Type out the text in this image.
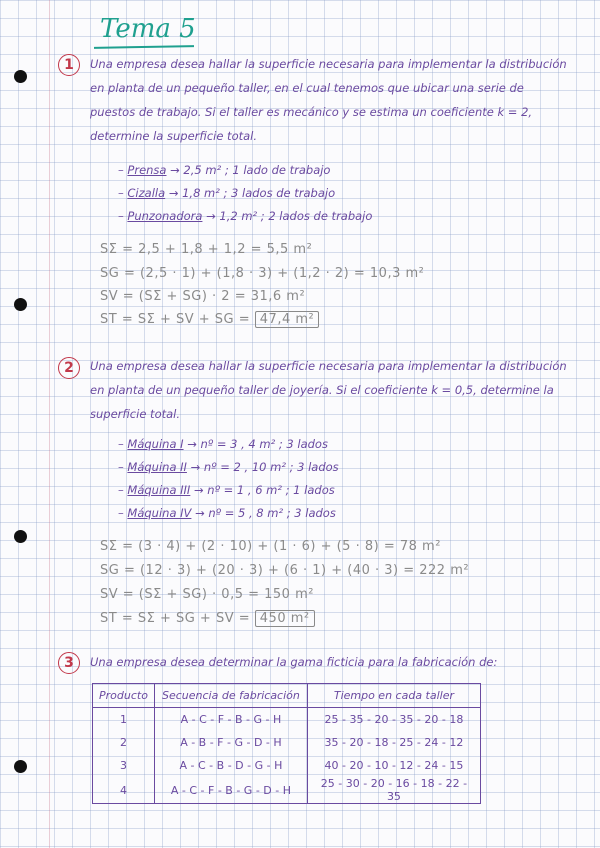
Tema 5
1	Una empresa desea hallar la superficie necesaria para implementar la distribución en planta de un pequeño taller, en el cual tenemos que ubicar una serie de puestos de trabajo. Si el taller es mecánico y se estima un coeficiente k = 2, determine la superficie total.
– Prensa → 2,5 m² ; 1 lado de trabajo
– Cizalla → 1,8 m² ; 3 lados de trabajo
– Punzonadora → 1,2 m² ; 2 lados de trabajo
SΣ = 2,5 + 1,8 + 1,2 = 5,5 m²
SG = (2,5 · 1) + (1,8 · 3) + (1,2 · 2) = 10,3 m²
SV = (SΣ + SG) · 2 = 31,6 m²
ST = SΣ + SV + SG = 47,4 m²
2	Una empresa desea hallar la superficie necesaria para implementar la distribución en planta de un pequeño taller de joyería. Si el coeficiente k = 0,5, determine la superficie total.
– Máquina I → nº = 3 , 4 m² ; 3 lados
– Máquina II → nº = 2 , 10 m² ; 3 lados
– Máquina III → nº = 1 , 6 m² ; 1 lados
– Máquina IV → nº = 5 , 8 m² ; 3 lados
SΣ = (3 · 4) + (2 · 10) + (1 · 6) + (5 · 8) = 78 m²
SG = (12 · 3) + (20 · 3) + (6 · 1) + (40 · 3) = 222 m²
SV = (SΣ + SG) · 0,5 = 150 m²
ST = SΣ + SG + SV = 450 m²
3	Una empresa desea determinar la gama ficticia para la fabricación de:
Producto	Secuencia de fabricación	Tiempo en cada taller
1	A - C - F - B - G - H	25 - 35 - 20 - 35 - 20 - 18
2	A - B - F - G - D - H	35 - 20 - 18 - 25 - 24 - 12
3	A - C - B - D - G - H	40 - 20 - 10 - 12 - 24 - 15
4	A - C - F - B - G - D - H	25 - 30 - 20 - 16 - 18 - 22 - 35
